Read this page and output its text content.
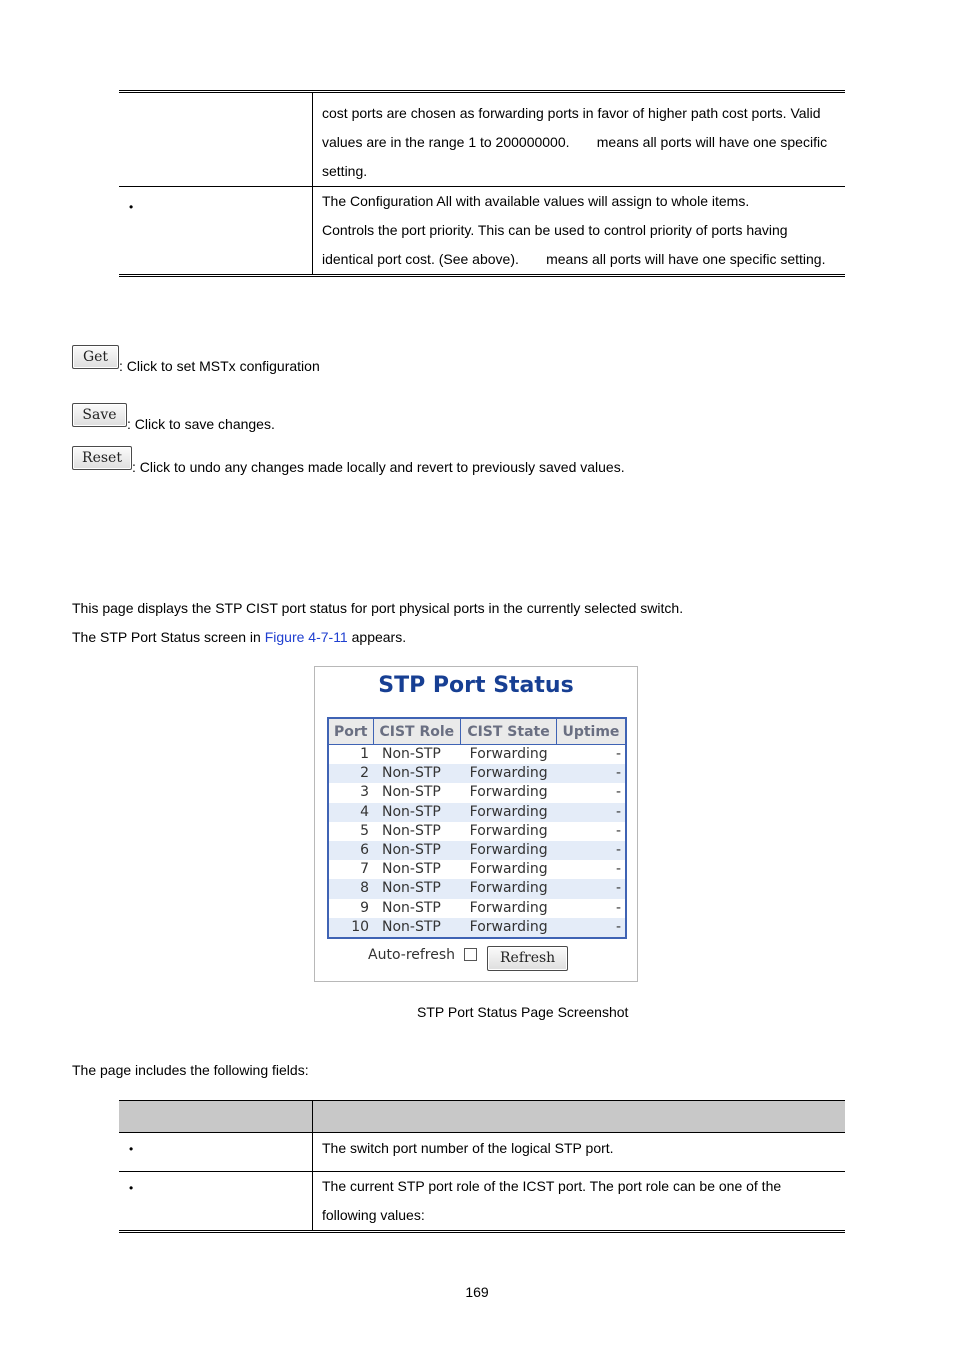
	cost ports are chosen as forwarding ports in favor of higher path cost ports. Valid
values are in the range 1 to 200000000.       means all ports will have one specific
setting.

•	The Configuration All with available values will assign to whole items.
Controls the port priority. This can be used to control priority of ports having
identical port cost. (See above).       means all ports will have one specific setting.
Get
: Click to set MSTx configuration
Save
: Click to save changes.
Reset
: Click to undo any changes made locally and revert to previously saved values.
This page displays the STP CIST port status for port physical ports in the currently selected switch.
The STP Port Status screen in Figure 4-7-11 appears.
STP Port Status
Port	CIST Role	CIST State	Uptime
1	Non-STP	Forwarding	-
2	Non-STP	Forwarding	-
3	Non-STP	Forwarding	-
4	Non-STP	Forwarding	-
5	Non-STP	Forwarding	-
6	Non-STP	Forwarding	-
7	Non-STP	Forwarding	-
8	Non-STP	Forwarding	-
9	Non-STP	Forwarding	-
10	Non-STP	Forwarding	-
Auto-refresh	Refresh
STP Port Status Page Screenshot
The page includes the following fields:

•	The switch port number of the logical STP port.

•	The current STP port role of the ICST port. The port role can be one of the
following values:
169
